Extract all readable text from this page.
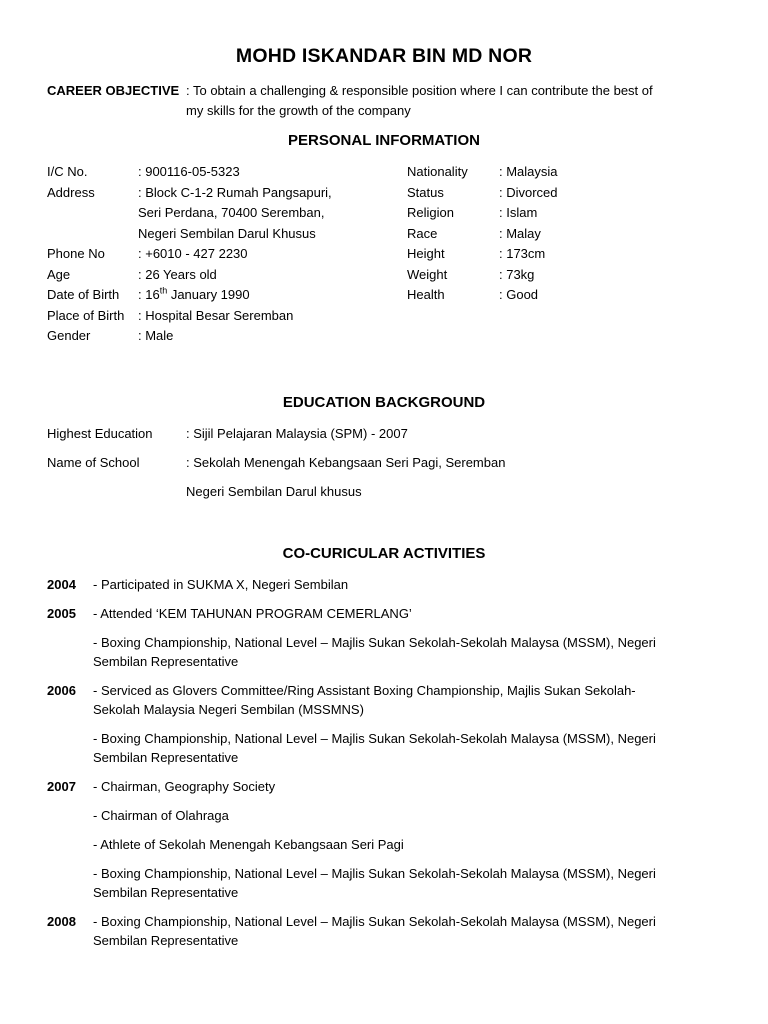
MOHD ISKANDAR BIN MD NOR
CAREER OBJECTIVE : To obtain a challenging & responsible position where I can contribute the best of
my skills for the growth of the company
PERSONAL INFORMATION
I/C No.	: 900116-05-5323
Address	: Block C-1-2 Rumah Pangsapuri,
Seri Perdana, 70400 Seremban,
Negeri Sembilan Darul Khusus
Phone No	: +6010 - 427 2230
Age	: 26 Years old
Date of Birth : 16th January 1990
Place of Birth : Hospital Besar Seremban
Gender	: Male
Nationality : Malaysia
Status	: Divorced
Religion	: Islam
Race	: Malay
Height	: 173cm
Weight	: 73kg
Health	: Good
EDUCATION BACKGROUND
Highest Education	: Sijil Pelajaran Malaysia (SPM) - 2007
Name of School	: Sekolah Menengah Kebangsaan Seri Pagi, Seremban
Negeri Sembilan Darul khusus
CO-CURICULAR ACTIVITIES
2004 - Participated in SUKMA X, Negeri Sembilan
2005 - Attended ‘KEM TAHUNAN PROGRAM CEMERLANG’
- Boxing Championship, National Level – Majlis Sukan Sekolah-Sekolah Malaysa (MSSM), Negeri
Sembilan Representative
2006 - Serviced as Glovers Committee/Ring Assistant Boxing Championship, Majlis Sukan Sekolah-
Sekolah Malaysia Negeri Sembilan (MSSMNS)
- Boxing Championship, National Level – Majlis Sukan Sekolah-Sekolah Malaysa (MSSM), Negeri
Sembilan Representative
2007 - Chairman, Geography Society
- Chairman of Olahraga
- Athlete of Sekolah Menengah Kebangsaan Seri Pagi
- Boxing Championship, National Level – Majlis Sukan Sekolah-Sekolah Malaysa (MSSM), Negeri
Sembilan Representative
2008 - Boxing Championship, National Level – Majlis Sukan Sekolah-Sekolah Malaysa (MSSM), Negeri
Sembilan Representative
